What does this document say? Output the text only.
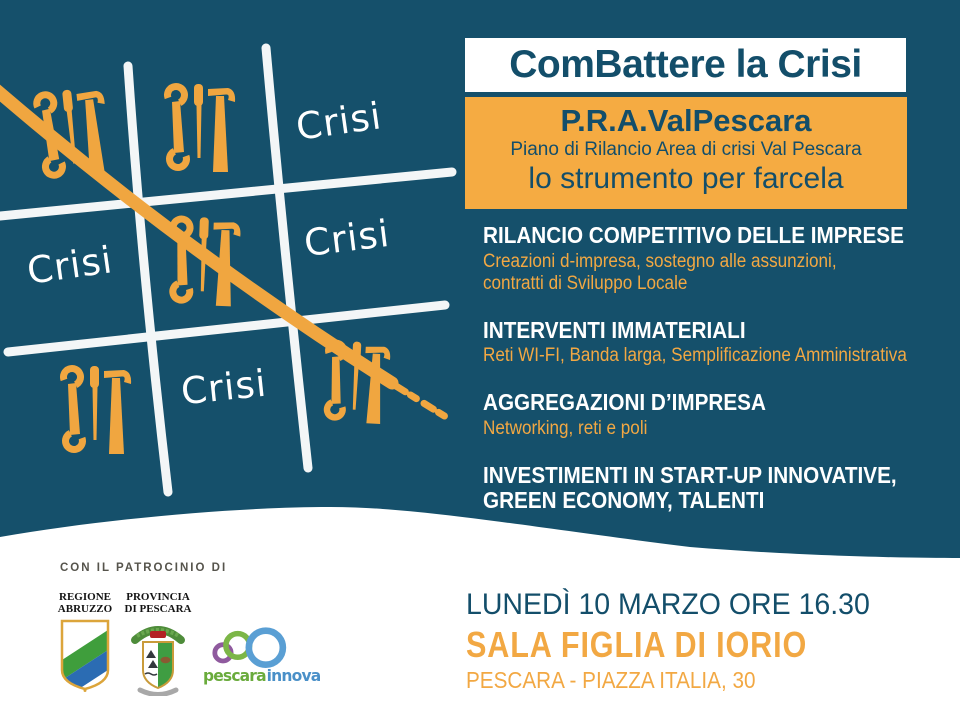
Crisi
Crisi	Crisi
Crisi
ComBattere la Crisi
P.R.A.ValPescara
Piano di Rilancio Area di crisi Val Pescara
lo strumento per farcela
RILANCIO COMPETITIVO DELLE IMPRESE
Creazioni d-impresa, sostegno alle assunzioni,
contratti di Sviluppo Locale
INTERVENTI IMMATERIALI
Reti WI-FI, Banda larga, Semplificazione Amministrativa
AGGREGAZIONI D’IMPRESA
Networking, reti e poli
INVESTIMENTI IN START-UP INNOVATIVE,
GREEN ECONOMY, TALENTI
CON IL PATROCINIO DI
REGIONE
ABRUZZO
PROVINCIA
DI PESCARA
pescara innova
LUNEDÌ 10 MARZO ORE 16.30
SALA FIGLIA DI IORIO
PESCARA - PIAZZA ITALIA, 30
